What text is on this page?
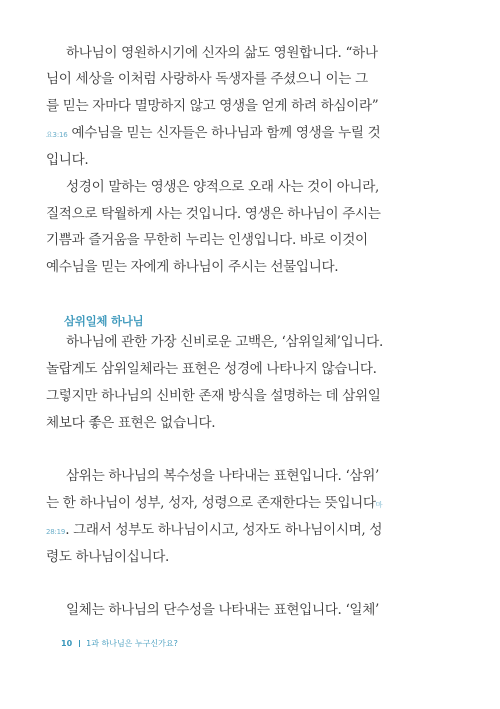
하나님이 영원하시기에 신자의 삶도 영원합니다. “하나
님이 세상을 이처럼 사랑하사 독생자를 주셨으니 이는 그
를 믿는 자마다 멸망하지 않고 영생을 얻게 하려 하심이라”
요3:16 예수님을 믿는 신자들은 하나님과 함께 영생을 누릴 것
입니다.
성경이 말하는 영생은 양적으로 오래 사는 것이 아니라,
질적으로 탁월하게 사는 것입니다. 영생은 하나님이 주시는
기쁨과 즐거움을 무한히 누리는 인생입니다. 바로 이것이
예수님을 믿는 자에게 하나님이 주시는 선물입니다.
삼위일체 하나님
하나님에 관한 가장 신비로운 고백은, ‘삼위일체’입니다.
놀랍게도 삼위일체라는 표현은 성경에 나타나지 않습니다.
그렇지만 하나님의 신비한 존재 방식을 설명하는 데 삼위일
체보다 좋은 표현은 없습니다.
삼위는 하나님의 복수성을 나타내는 표현입니다. ‘삼위’
는 한 하나님이 성부, 성자, 성령으로 존재한다는 뜻입니다마
28:19. 그래서 성부도 하나님이시고, 성자도 하나님이시며, 성
령도 하나님이십니다.
일체는 하나님의 단수성을 나타내는 표현입니다. ‘일체’
10 1과 하나님은 누구신가요?
